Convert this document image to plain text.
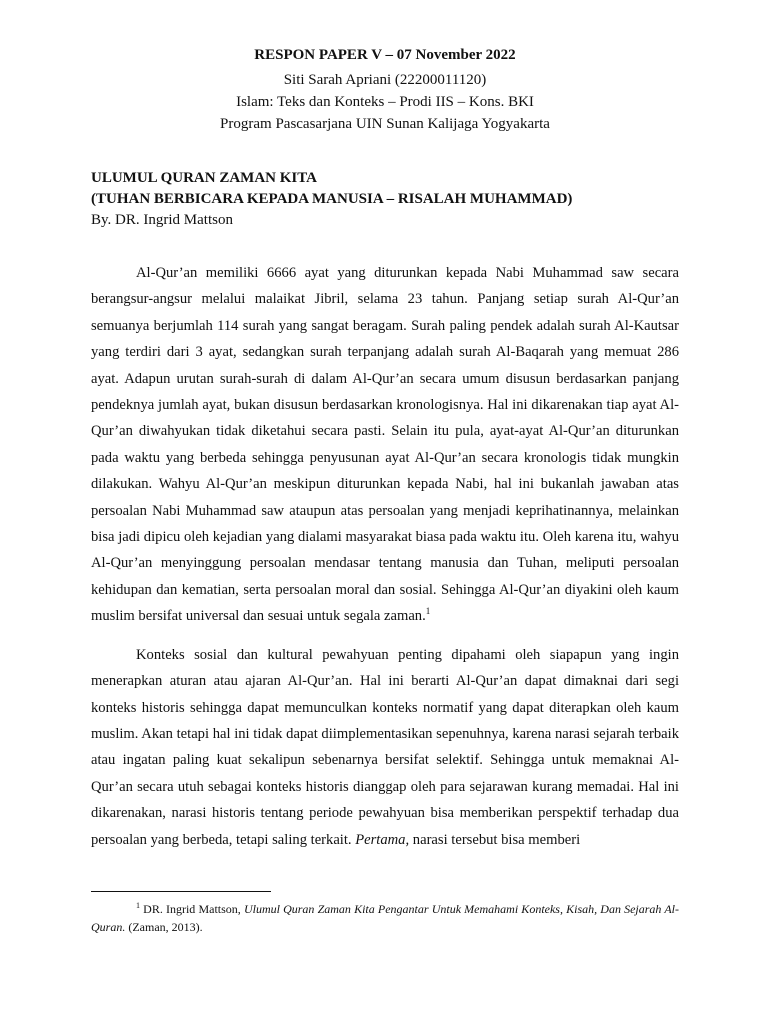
RESPON PAPER V – 07 November 2022
Siti Sarah Apriani (22200011120)
Islam: Teks dan Konteks – Prodi IIS – Kons. BKI
Program Pascasarjana UIN Sunan Kalijaga Yogyakarta
ULUMUL QURAN ZAMAN KITA
(TUHAN BERBICARA KEPADA MANUSIA – RISALAH MUHAMMAD)
By. DR. Ingrid Mattson

Al-Qur’an memiliki 6666 ayat yang diturunkan kepada Nabi Muhammad saw secara berangsur-angsur melalui malaikat Jibril, selama 23 tahun. Panjang setiap surah Al-Qur’an semuanya berjumlah 114 surah yang sangat beragam. Surah paling pendek adalah surah Al-Kautsar yang terdiri dari 3 ayat, sedangkan surah terpanjang adalah surah Al-Baqarah yang memuat 286 ayat. Adapun urutan surah-surah di dalam Al-Qur’an secara umum disusun berdasarkan panjang pendeknya jumlah ayat, bukan disusun berdasarkan kronologisnya. Hal ini dikarenakan tiap ayat Al-Qur’an diwahyukan tidak diketahui secara pasti. Selain itu pula, ayat-ayat Al-Qur’an diturunkan pada waktu yang berbeda sehingga penyusunan ayat Al-Qur’an secara kronologis tidak mungkin dilakukan. Wahyu Al-Qur’an meskipun diturunkan kepada Nabi, hal ini bukanlah jawaban atas persoalan Nabi Muhammad saw ataupun atas persoalan yang menjadi keprihatinannya, melainkan bisa jadi dipicu oleh kejadian yang dialami masyarakat biasa pada waktu itu. Oleh karena itu, wahyu Al-Qur’an menyinggung persoalan mendasar tentang manusia dan Tuhan, meliputi persoalan kehidupan dan kematian, serta persoalan moral dan sosial. Sehingga Al-Qur’an diyakini oleh kaum muslim bersifat universal dan sesuai untuk segala zaman.$^1$

Konteks sosial dan kultural pewahyuan penting dipahami oleh siapapun yang ingin menerapkan aturan atau ajaran Al-Qur’an. Hal ini berarti Al-Qur’an dapat dimaknai dari segi konteks historis sehingga dapat memunculkan konteks normatif yang dapat diterapkan oleh kaum muslim. Akan tetapi hal ini tidak dapat diimplementasikan sepenuhnya, karena narasi sejarah terbaik atau ingatan paling kuat sekalipun sebenarnya bersifat selektif. Sehingga untuk memaknai Al-Qur’an secara utuh sebagai konteks historis dianggap oleh para sejarawan kurang memadai. Hal ini dikarenakan, narasi historis tentang periode pewahyuan bisa memberikan perspektif terhadap dua persoalan yang berbeda, tetapi saling terkait. Pertama, narasi tersebut bisa memberi

$^1$ DR. Ingrid Mattson, Ulumul Quran Zaman Kita Pengantar Untuk Memahami Konteks, Kisah, Dan Sejarah Al-Quran. (Zaman, 2013).
